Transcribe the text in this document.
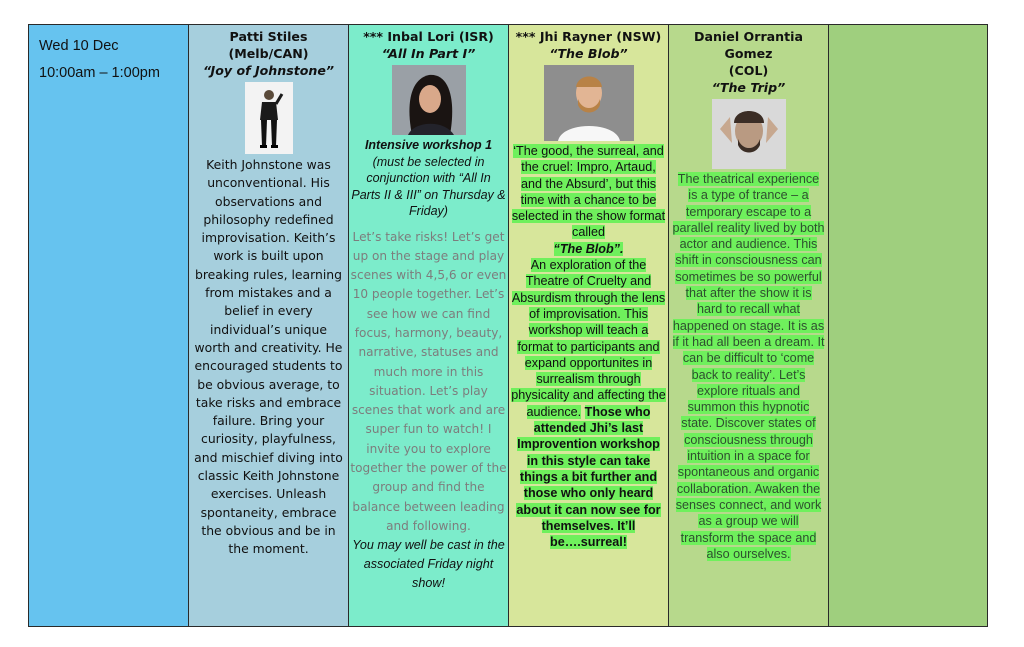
Wed 10 Dec
10:00am – 1:00pm
Patti Stiles
(Melb/CAN)
“Joy of Johnstone”
Keith Johnstone was unconventional. His observations and philosophy redefined improvisation. Keith’s work is built upon breaking rules, learning from mistakes and a belief in every individual’s unique worth and creativity. He encouraged students to be obvious average, to take risks and embrace failure. Bring your curiosity, playfulness, and mischief diving into classic Keith Johnstone exercises. Unleash spontaneity, embrace the obvious and be in the moment.
*** Inbal Lori (ISR)
“All In Part I”
Intensive workshop 1
(must be selected in conjunction with “All In Parts II & III” on Thursday & Friday)
Let’s take risks! Let’s get up on the stage and play scenes with 4,5,6 or even 10 people together. Let’s see how we can find focus, harmony, beauty, narrative, statuses and much more in this situation. Let’s play scenes that work and are super fun to watch! I invite you to explore together the power of the group and find the balance between leading and following.
You may well be cast in the associated Friday night show!
*** Jhi Rayner (NSW)
“The Blob”
‘The good, the surreal, and the cruel: Impro, Artaud, and the Absurd’, but this time with a chance to be selected in the show format called
“The Blob”.
An exploration of the Theatre of Cruelty and Absurdism through the lens of improvisation. This workshop will teach a format to participants and expand opportunites in surrealism through physicality and affecting the audience. Those who attended Jhi’s last Improvention workshop in this style can take things a bit further and those who only heard about it can now see for themselves. It’ll be….surreal!
Daniel Orrantia Gomez
(COL)
“The Trip”
The theatrical experience is a type of trance – a temporary escape to a parallel reality lived by both actor and audience. This shift in consciousness can sometimes be so powerful that after the show it is hard to recall what happened on stage. It is as if it had all been a dream. It can be difficult to ‘come back to reality’. Let’s explore rituals and summon this hypnotic state. Discover states of consciousness through intuition in a space for spontaneous and organic collaboration. Awaken the senses connect, and work as a group we will transform the space and also ourselves.
